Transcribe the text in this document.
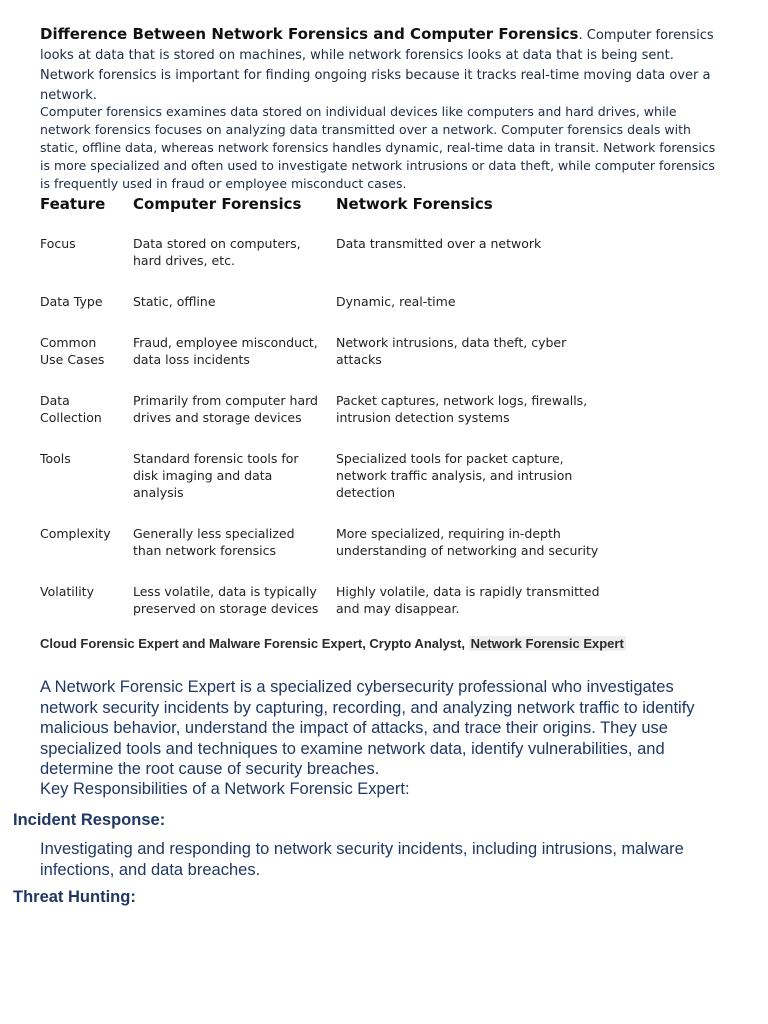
Difference Between Network Forensics and Computer Forensics. Computer forensics looks at data that is stored on machines, while network forensics looks at data that is being sent. Network forensics is important for finding ongoing risks because it tracks real-time moving data over a network.
Computer forensics examines data stored on individual devices like computers and hard drives, while network forensics focuses on analyzing data transmitted over a network. Computer forensics deals with static, offline data, whereas network forensics handles dynamic, real-time data in transit. Network forensics is more specialized and often used to investigate network intrusions or data theft, while computer forensics is frequently used in fraud or employee misconduct cases.
Feature	Computer Forensics	Network Forensics
Focus	Data stored on computers, hard drives, etc.	Data transmitted over a network
Data Type	Static, offline	Dynamic, real-time
Common Use Cases	Fraud, employee misconduct, data loss incidents	Network intrusions, data theft, cyber attacks
Data Collection	Primarily from computer hard drives and storage devices	Packet captures, network logs, firewalls, intrusion detection systems
Tools	Standard forensic tools for disk imaging and data analysis	Specialized tools for packet capture, network traffic analysis, and intrusion detection
Complexity	Generally less specialized than network forensics	More specialized, requiring in-depth understanding of networking and security
Volatility	Less volatile, data is typically preserved on storage devices	Highly volatile, data is rapidly transmitted and may disappear.
Cloud Forensic Expert and Malware Forensic Expert, Crypto Analyst, Network Forensic Expert
A Network Forensic Expert is a specialized cybersecurity professional who investigates network security incidents by capturing, recording, and analyzing network traffic to identify malicious behavior, understand the impact of attacks, and trace their origins. They use specialized tools and techniques to examine network data, identify vulnerabilities, and determine the root cause of security breaches.
Key Responsibilities of a Network Forensic Expert:
Incident Response:
Investigating and responding to network security incidents, including intrusions, malware infections, and data breaches.
Threat Hunting:
